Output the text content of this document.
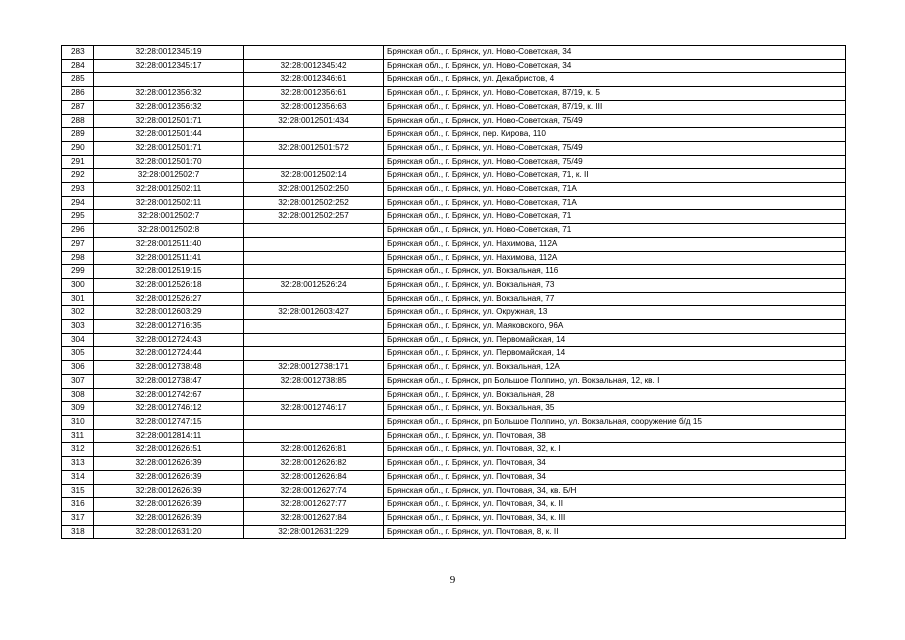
283	32:28:0012345:19		Брянская обл., г. Брянск, ул. Ново-Советская, 34
284	32:28:0012345:17	32:28:0012345:42	Брянская обл., г. Брянск, ул. Ново-Советская, 34
285		32:28:0012346:61	Брянская обл., г. Брянск, ул. Декабристов, 4
286	32:28:0012356:32	32:28:0012356:61	Брянская обл., г. Брянск, ул. Ново-Советская, 87/19, к. 5
287	32:28:0012356:32	32:28:0012356:63	Брянская обл., г. Брянск, ул. Ново-Советская, 87/19, к. III
288	32:28:0012501:71	32:28:0012501:434	Брянская обл., г. Брянск, ул. Ново-Советская, 75/49
289	32:28:0012501:44		Брянская обл., г. Брянск, пер. Кирова, 110
290	32:28:0012501:71	32:28:0012501:572	Брянская обл., г. Брянск, ул. Ново-Советская, 75/49
291	32:28:0012501:70		Брянская обл., г. Брянск, ул. Ново-Советская, 75/49
292	32:28:0012502:7	32:28:0012502:14	Брянская обл., г. Брянск, ул. Ново-Советская, 71, к. II
293	32:28:0012502:11	32:28:0012502:250	Брянская обл., г. Брянск, ул. Ново-Советская, 71А
294	32:28:0012502:11	32:28:0012502:252	Брянская обл., г. Брянск, ул. Ново-Советская, 71А
295	32:28:0012502:7	32:28:0012502:257	Брянская обл., г. Брянск, ул. Ново-Советская, 71
296	32:28:0012502:8		Брянская обл., г. Брянск, ул. Ново-Советская, 71
297	32:28:0012511:40		Брянская обл., г. Брянск, ул. Нахимова, 112А
298	32:28:0012511:41		Брянская обл., г. Брянск, ул. Нахимова, 112А
299	32:28:0012519:15		Брянская обл., г. Брянск, ул. Вокзальная, 116
300	32:28:0012526:18	32:28:0012526:24	Брянская обл., г. Брянск, ул. Вокзальная, 73
301	32:28:0012526:27		Брянская обл., г. Брянск, ул. Вокзальная, 77
302	32:28:0012603:29	32:28:0012603:427	Брянская обл., г. Брянск, ул. Окружная, 13
303	32:28:0012716:35		Брянская обл., г. Брянск, ул. Маяковского, 96А
304	32:28:0012724:43		Брянская обл., г. Брянск, ул. Первомайская, 14
305	32:28:0012724:44		Брянская обл., г. Брянск, ул. Первомайская, 14
306	32:28:0012738:48	32:28:0012738:171	Брянская обл., г. Брянск, ул. Вокзальная, 12А
307	32:28:0012738:47	32:28:0012738:85	Брянская обл., г. Брянск, рп Большое Полпино, ул. Вокзальная, 12, кв. I
308	32:28:0012742:67		Брянская обл., г. Брянск, ул. Вокзальная, 28
309	32:28:0012746:12	32:28:0012746:17	Брянская обл., г. Брянск, ул. Вокзальная, 35
310	32:28:0012747:15		Брянская обл., г. Брянск, рп Большое Полпино, ул. Вокзальная, сооружение б/д 15
311	32:28:0012814:11		Брянская обл., г. Брянск, ул. Почтовая, 38
312	32:28:0012626:51	32:28:0012626:81	Брянская обл., г. Брянск, ул. Почтовая, 32, к. I
313	32:28:0012626:39	32:28:0012626:82	Брянская обл., г. Брянск, ул. Почтовая, 34
314	32:28:0012626:39	32:28:0012626:84	Брянская обл., г. Брянск, ул. Почтовая, 34
315	32:28:0012626:39	32:28:0012627:74	Брянская обл., г. Брянск, ул. Почтовая, 34, кв. Б/Н
316	32:28:0012626:39	32:28:0012627:77	Брянская обл., г. Брянск, ул. Почтовая, 34, к. II
317	32:28:0012626:39	32:28:0012627:84	Брянская обл., г. Брянск, ул. Почтовая, 34, к. III
318	32:28:0012631:20	32:28:0012631:229	Брянская обл., г. Брянск, ул. Почтовая, 8, к. II
9
